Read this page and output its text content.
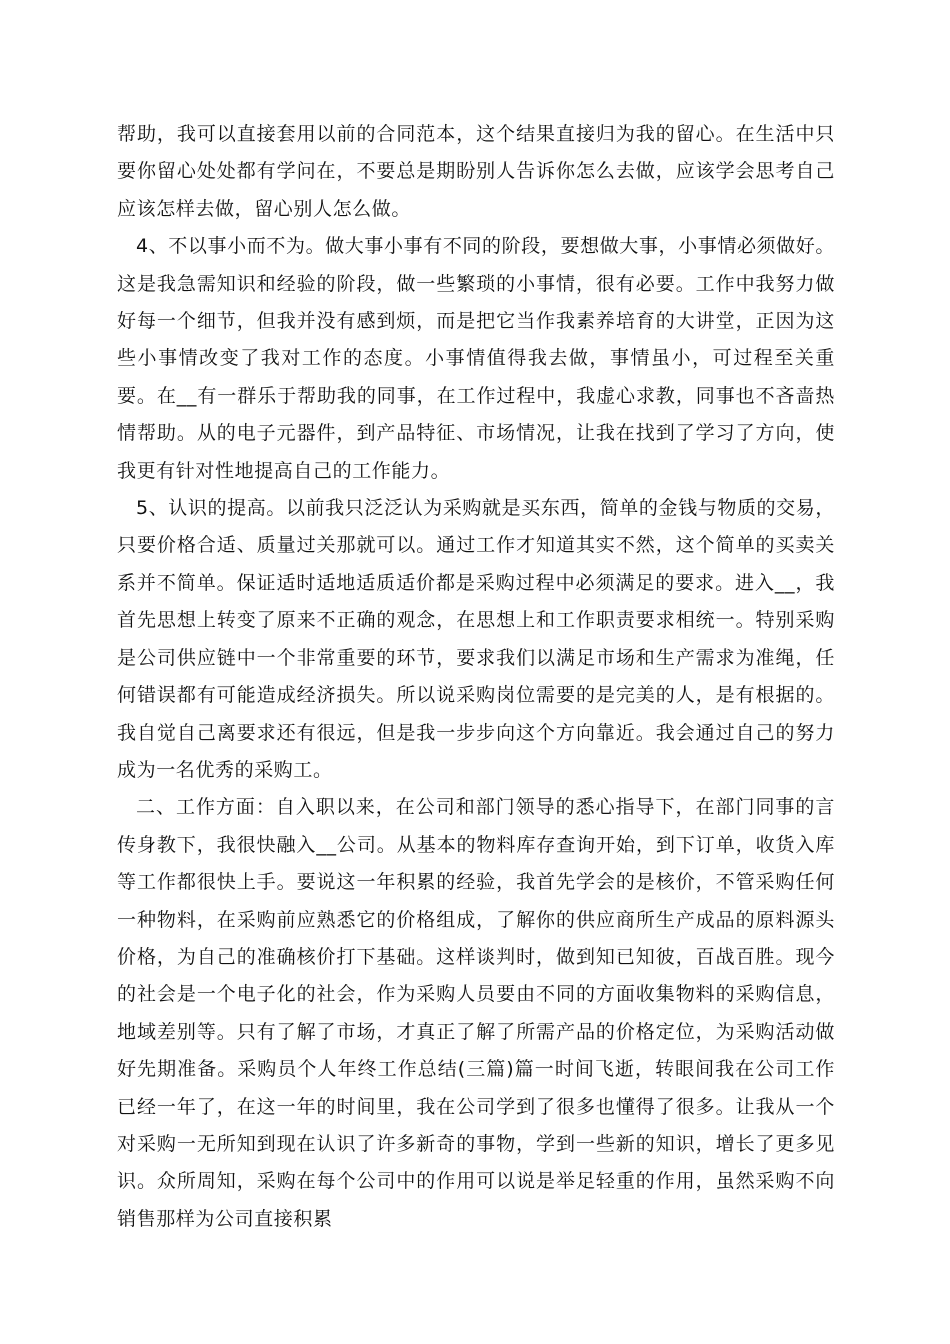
帮助，我可以直接套用以前的合同范本，这个结果直接归为我的留心。在生活中只要你留心处处都有学问在，不要总是期盼别人告诉你怎么去做，应该学会思考自己应该怎样去做，留心别人怎么做。

4、不以事小而不为。做大事小事有不同的阶段，要想做大事，小事情必须做好。这是我急需知识和经验的阶段，做一些繁琐的小事情，很有必要。工作中我努力做好每一个细节，但我并没有感到烦，而是把它当作我素养培育的大讲堂，正因为这些小事情改变了我对工作的态度。小事情值得我去做，事情虽小，可过程至关重要。在__有一群乐于帮助我的同事，在工作过程中，我虚心求教，同事也不吝啬热情帮助。从的电子元器件，到产品特征、市场情况，让我在找到了学习了方向，使我更有针对性地提高自己的工作能力。

5、认识的提高。以前我只泛泛认为采购就是买东西，简单的金钱与物质的交易，只要价格合适、质量过关那就可以。通过工作才知道其实不然，这个简单的买卖关系并不简单。保证适时适地适质适价都是采购过程中必须满足的要求。进入__，我首先思想上转变了原来不正确的观念，在思想上和工作职责要求相统一。特别采购是公司供应链中一个非常重要的环节，要求我们以满足市场和生产需求为准绳，任何错误都有可能造成经济损失。所以说采购岗位需要的是完美的人，是有根据的。我自觉自己离要求还有很远，但是我一步步向这个方向靠近。我会通过自己的努力成为一名优秀的采购工。

二、工作方面：自入职以来，在公司和部门领导的悉心指导下，在部门同事的言传身教下，我很快融入__公司。从基本的物料库存查询开始，到下订单，收货入库等工作都很快上手。要说这一年积累的经验，我首先学会的是核价，不管采购任何一种物料，在采购前应熟悉它的价格组成，了解你的供应商所生产成品的原料源头价格，为自己的准确核价打下基础。这样谈判时，做到知已知彼，百战百胜。现今的社会是一个电子化的社会，作为采购人员要由不同的方面收集物料的采购信息，地域差别等。只有了解了市场，才真正了解了所需产品的价格定位，为采购活动做好先期准备。采购员个人年终工作总结(三篇)篇一时间飞逝，转眼间我在公司工作已经一年了，在这一年的时间里，我在公司学到了很多也懂得了很多。让我从一个对采购一无所知到现在认识了许多新奇的事物，学到一些新的知识，增长了更多见识。众所周知，采购在每个公司中的作用可以说是举足轻重的作用，虽然采购不向销售那样为公司直接积累
